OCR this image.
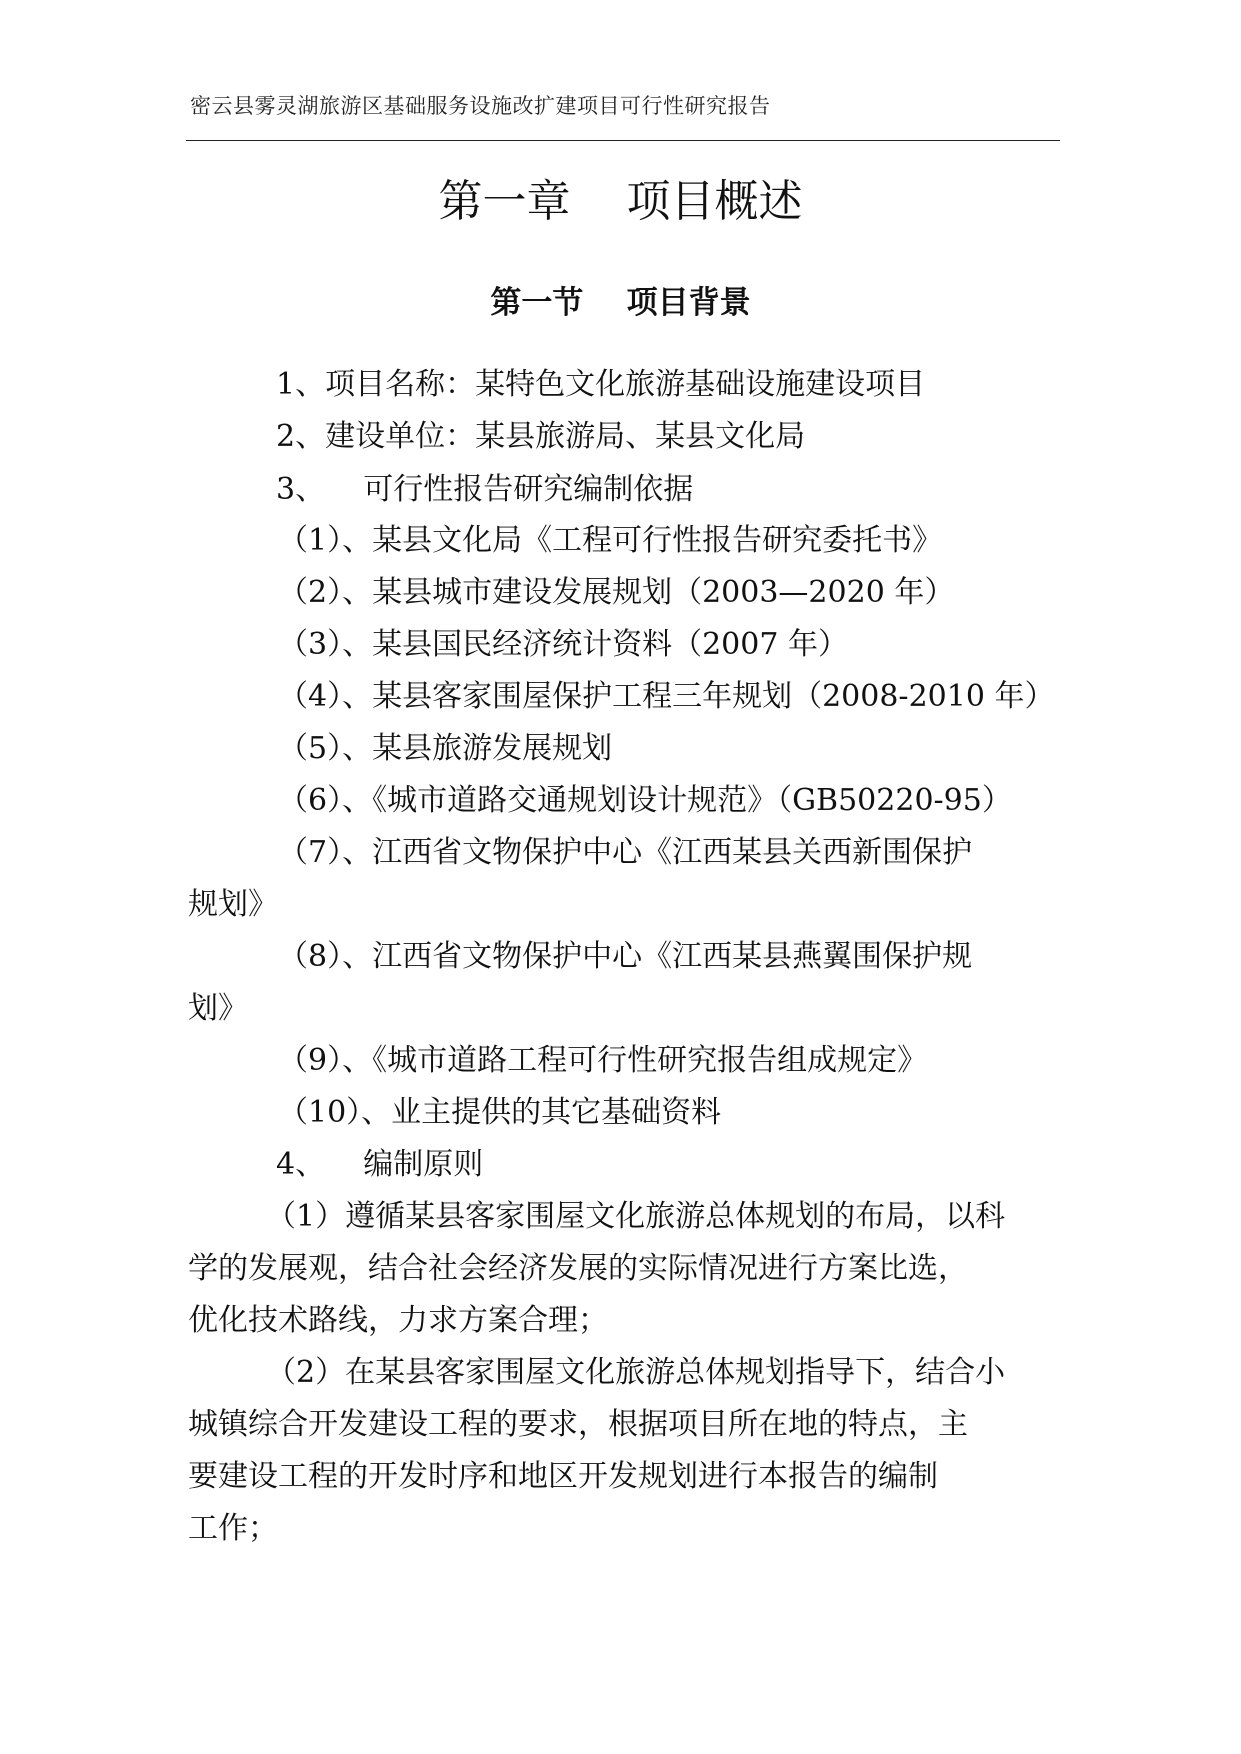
密云县雾灵湖旅游区基础服务设施改扩建项目可行性研究报告
第一章    项目概述
第一节    项目背景
1、项目名称：某特色文化旅游基础设施建设项目
2、建设单位：某县旅游局、某县文化局
3、    可行性报告研究编制依据
（1）、某县文化局《工程可行性报告研究委托书》
（2）、某县城市建设发展规划（2003—2020 年）
（3）、某县国民经济统计资料（2007 年）
（4）、某县客家围屋保护工程三年规划（2008-2010 年）
（5）、某县旅游发展规划
（6）、《城市道路交通规划设计规范》（GB50220-95）
（7）、江西省文物保护中心《江西某县关西新围保护
规划》
（8）、江西省文物保护中心《江西某县燕翼围保护规
划》
（9）、《城市道路工程可行性研究报告组成规定》
（10）、业主提供的其它基础资料
4、    编制原则
（1）遵循某县客家围屋文化旅游总体规划的布局，以科
学的发展观，结合社会经济发展的实际情况进行方案比选，
优化技术路线，力求方案合理；
（2）在某县客家围屋文化旅游总体规划指导下，结合小
城镇综合开发建设工程的要求，根据项目所在地的特点，主
要建设工程的开发时序和地区开发规划进行本报告的编制
工作；
